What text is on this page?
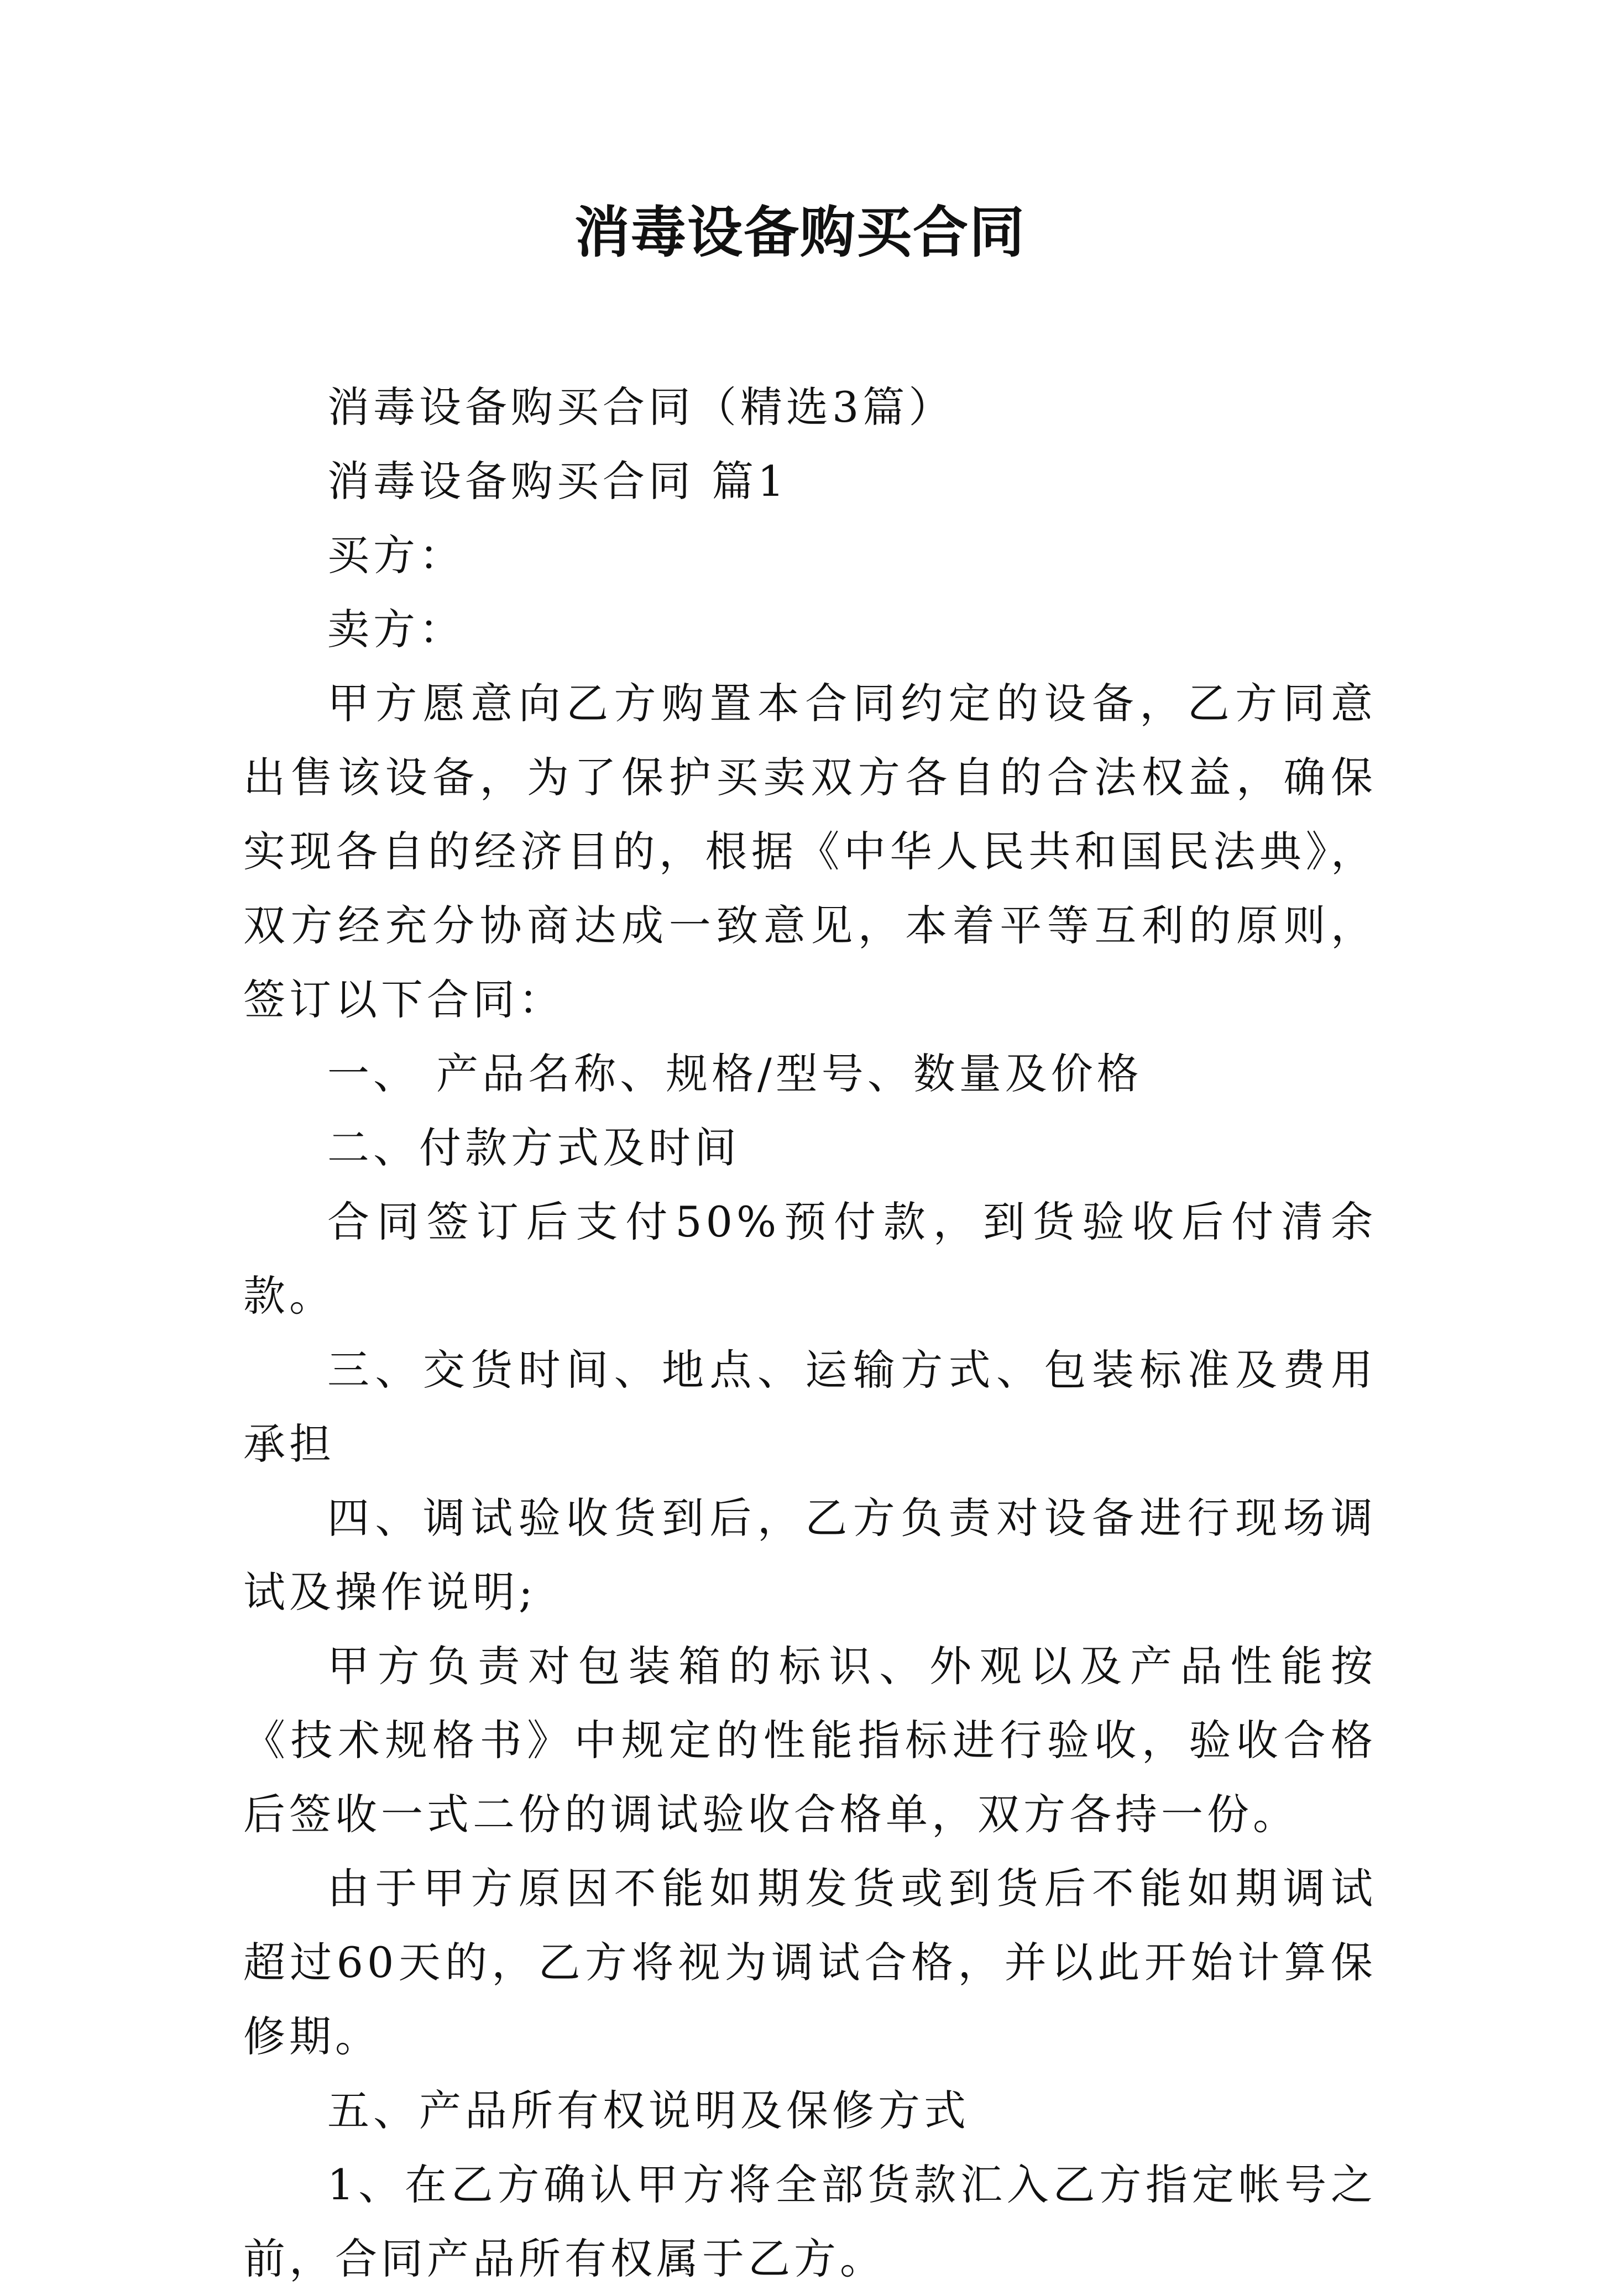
消毒设备购买合同

消毒设备购买合同（精选3篇）

消毒设备购买合同 篇1

买方：

卖方：

甲方愿意向乙方购置本合同约定的设备，乙方同意出售该设备，为了保护买卖双方各自的合法权益，确保实现各自的经济目的，根据《中华人民共和国民法典》，双方经充分协商达成一致意见，本着平等互利的原则，签订以下合同：

一、 产品名称、规格/型号、数量及价格

二、付款方式及时间

合同签订后支付50%预付款，到货验收后付清余款。

三、交货时间、地点、运输方式、包装标准及费用承担

四、调试验收货到后，乙方负责对设备进行现场调试及操作说明;

甲方负责对包装箱的标识、外观以及产品性能按《技术规格书》中规定的性能指标进行验收，验收合格后签收一式二份的调试验收合格单，双方各持一份。

由于甲方原因不能如期发货或到货后不能如期调试超过60天的，乙方将视为调试合格，并以此开始计算保修期。

五、产品所有权说明及保修方式

1、在乙方确认甲方将全部货款汇入乙方指定帐号之前，合同产品所有权属于乙方。
